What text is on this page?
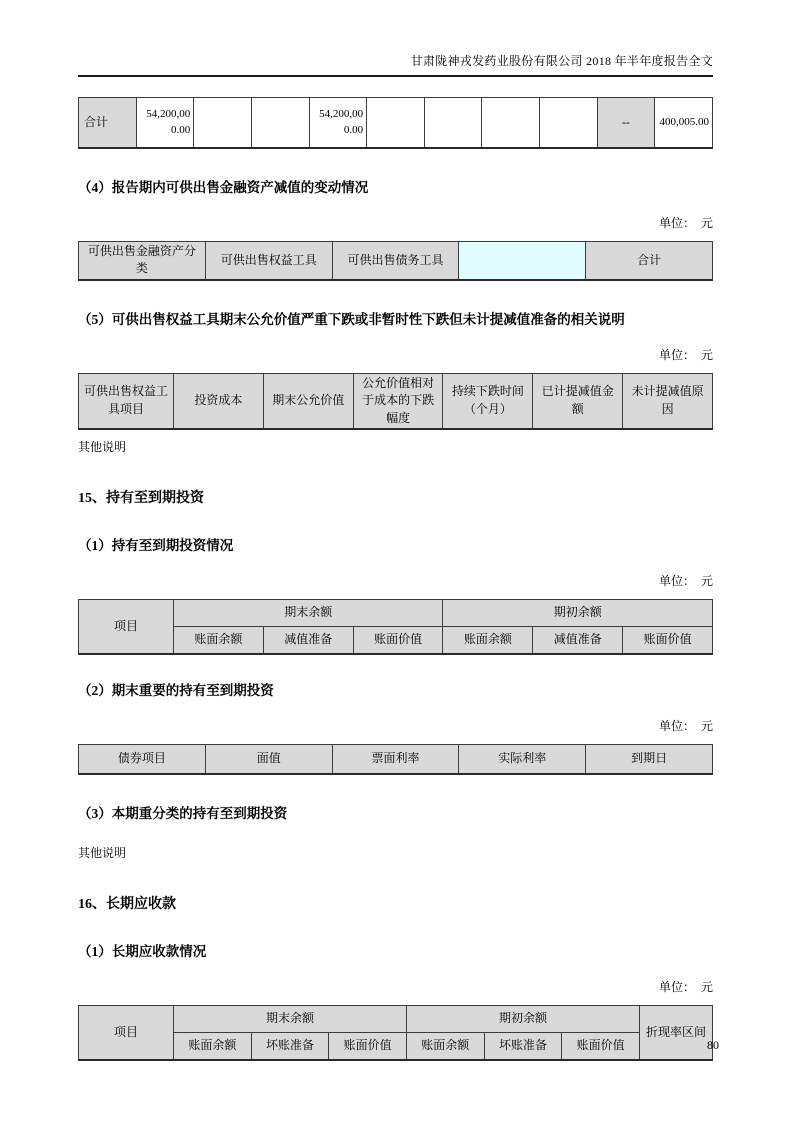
甘肃陇神戎发药业股份有限公司 2018 年半年度报告全文
合计	54,200,000.00			54,200,000.00					--	400,005.00
（4）报告期内可供出售金融资产减值的变动情况
单位：　元
可供出售金融资产分类	可供出售权益工具	可供出售债务工具		合计
（5）可供出售权益工具期末公允价值严重下跌或非暂时性下跌但未计提减值准备的相关说明
单位：　元
可供出售权益工具项目	投资成本	期末公允价值	公允价值相对于成本的下跌幅度	持续下跌时间（个月）	已计提减值金额	未计提减值原因
其他说明
15、持有至到期投资
（1）持有至到期投资情况
单位：　元
项目	期末余额			期初余额		
	账面余额	减值准备	账面价值	账面余额	减值准备	账面价值
（2）期末重要的持有至到期投资
单位：　元
债券项目	面值	票面利率	实际利率	到期日
（3）本期重分类的持有至到期投资
其他说明
16、长期应收款
（1）长期应收款情况
单位：　元
项目	期末余额			期初余额			折现率区间
	账面余额	坏账准备	账面价值	账面余额	坏账准备	账面价值		80
